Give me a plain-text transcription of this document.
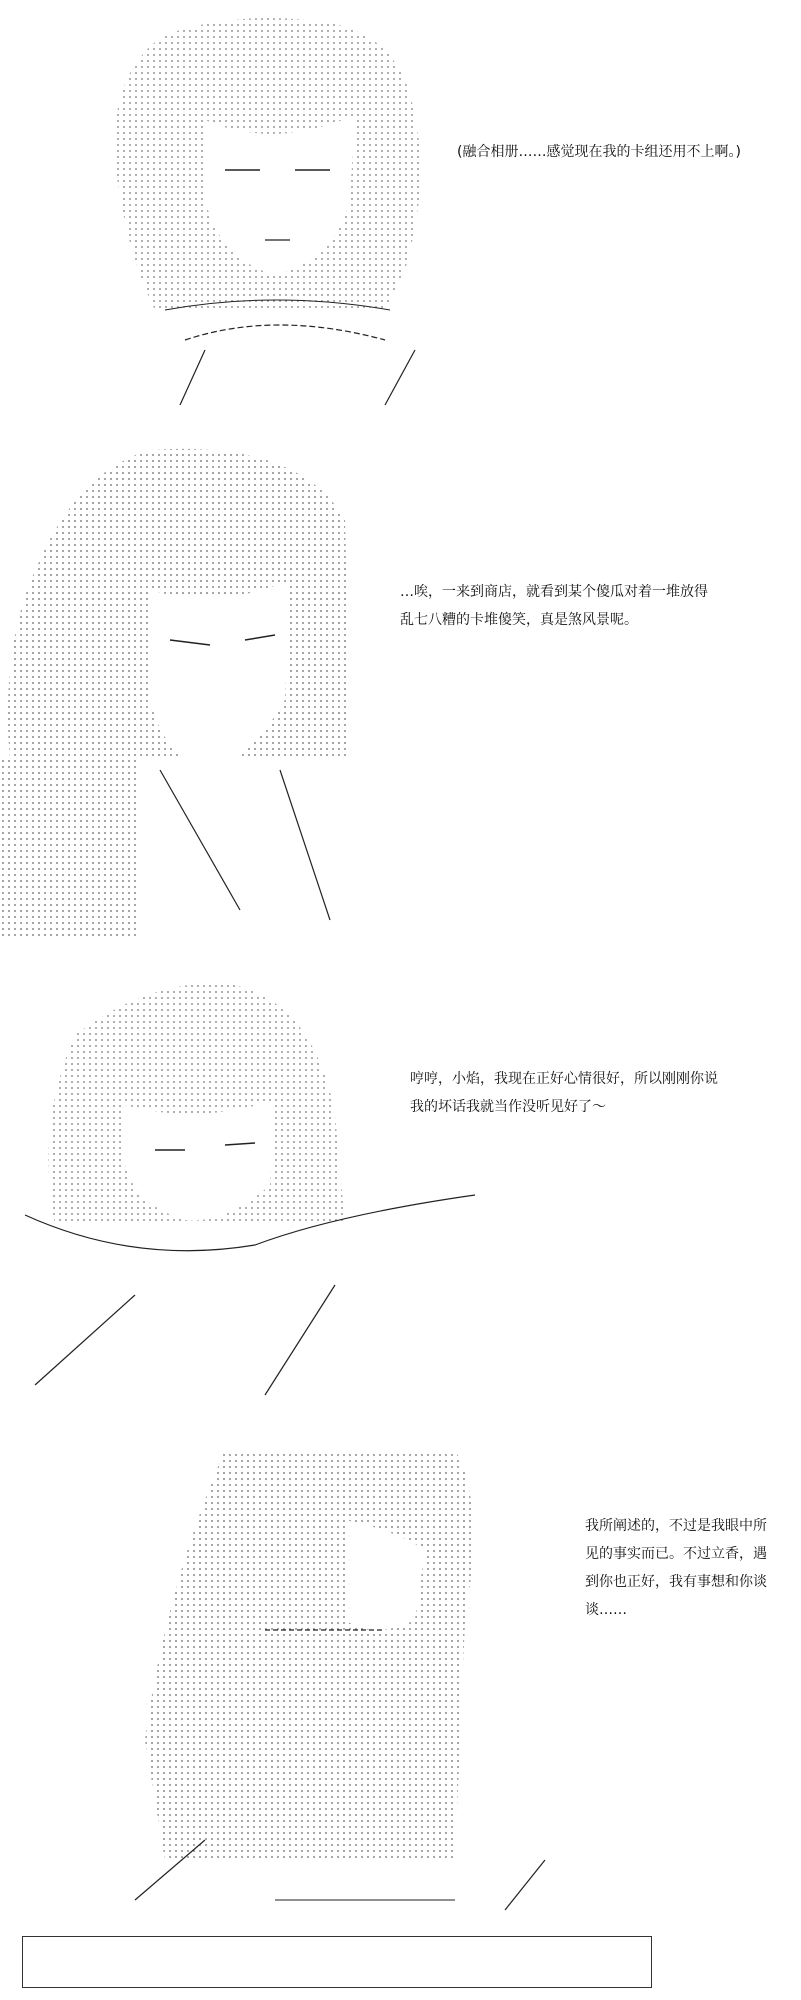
(融合相册……感觉现在我的卡组还用不上啊。)
…唉，一来到商店，就看到某个傻瓜对着一堆放得
乱七八糟的卡堆傻笑，真是煞风景呢。
哼哼，小焰，我现在正好心情很好，所以刚刚你说
我的坏话我就当作没听见好了～
我所阐述的，不过是我眼中所
见的事实而已。不过立香，遇
到你也正好，我有事想和你谈
谈……
